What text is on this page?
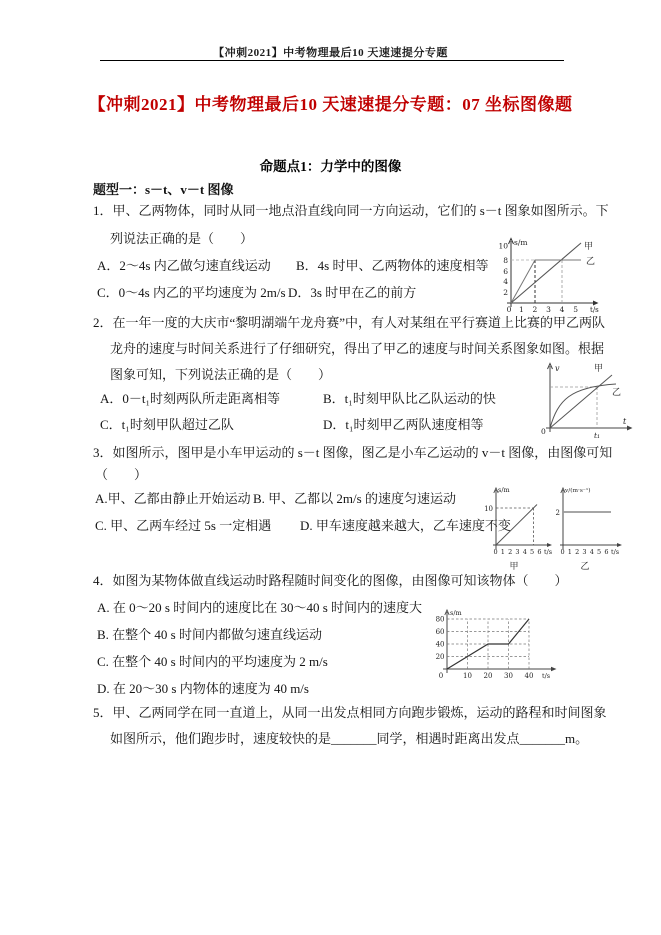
【冲刺2021】中考物理最后10 天速速提分专题
【冲刺2021】中考物理最后10 天速速提分专题：07 坐标图像题
命题点1：力学中的图像
题型一：s－t、v－t 图像
1．甲、乙两物体，同时从同一地点沿直线向同一方向运动，它们的 s－t 图象如图所示。下
列说法正确的是（　　）
A．2～4s 内乙做匀速直线运动 B．4s 时甲、乙两物体的速度相等
C．0～4s 内乙的平均速度为 2m/s D．3s 时甲在乙的前方
s/m
10
8
6
4
2
0 1 2 3 4 5 t/s
甲
乙
2．在一年一度的大庆市“黎明湖端午龙舟赛”中，有人对某组在平行赛道上比赛的甲乙两队
龙舟的速度与时间关系进行了仔细研究，得出了甲乙的速度与时间关系图象如图。根据
图象可知，下列说法正确的是（　　）
A．0－t₁时刻两队所走距离相等	B．t₁时刻甲队比乙队运动的快
C．t₁时刻甲队超过乙队	D．t₁时刻甲乙两队速度相等
v
t
0	t₁
甲
乙
3．如图所示，图甲是小车甲运动的 s－t 图像，图乙是小车乙运动的 v－t 图像，由图像可知
（　　）
A.甲、乙都由静止开始运动 B. 甲、乙都以 2m/s 的速度匀速运动
C. 甲、乙两车经过 5s 一定相遇 D. 甲车速度越来越大，乙车速度不变
s/m
10
0 1 2 3 4 5 6 t/s
甲
v/(m·s⁻¹)
2
0 1 2 3 4 5 6 t/s
乙
4．如图为某物体做直线运动时路程随时间变化的图像，由图像可知该物体（　　）
A. 在 0～20 s 时间内的速度比在 30～40 s 时间内的速度大
B. 在整个 40 s 时间内都做匀速直线运动
C. 在整个 40 s 时间内的平均速度为 2 m/s
D. 在 20～30 s 内物体的速度为 40 m/s
s/m
80
60
40
20
0	10 20 30 40 t/s
5．甲、乙两同学在同一直道上，从同一出发点相同方向跑步锻炼，运动的路程和时间图象
如图所示，他们跑步时，速度较快的是_______同学，相遇时距离出发点_______m。
